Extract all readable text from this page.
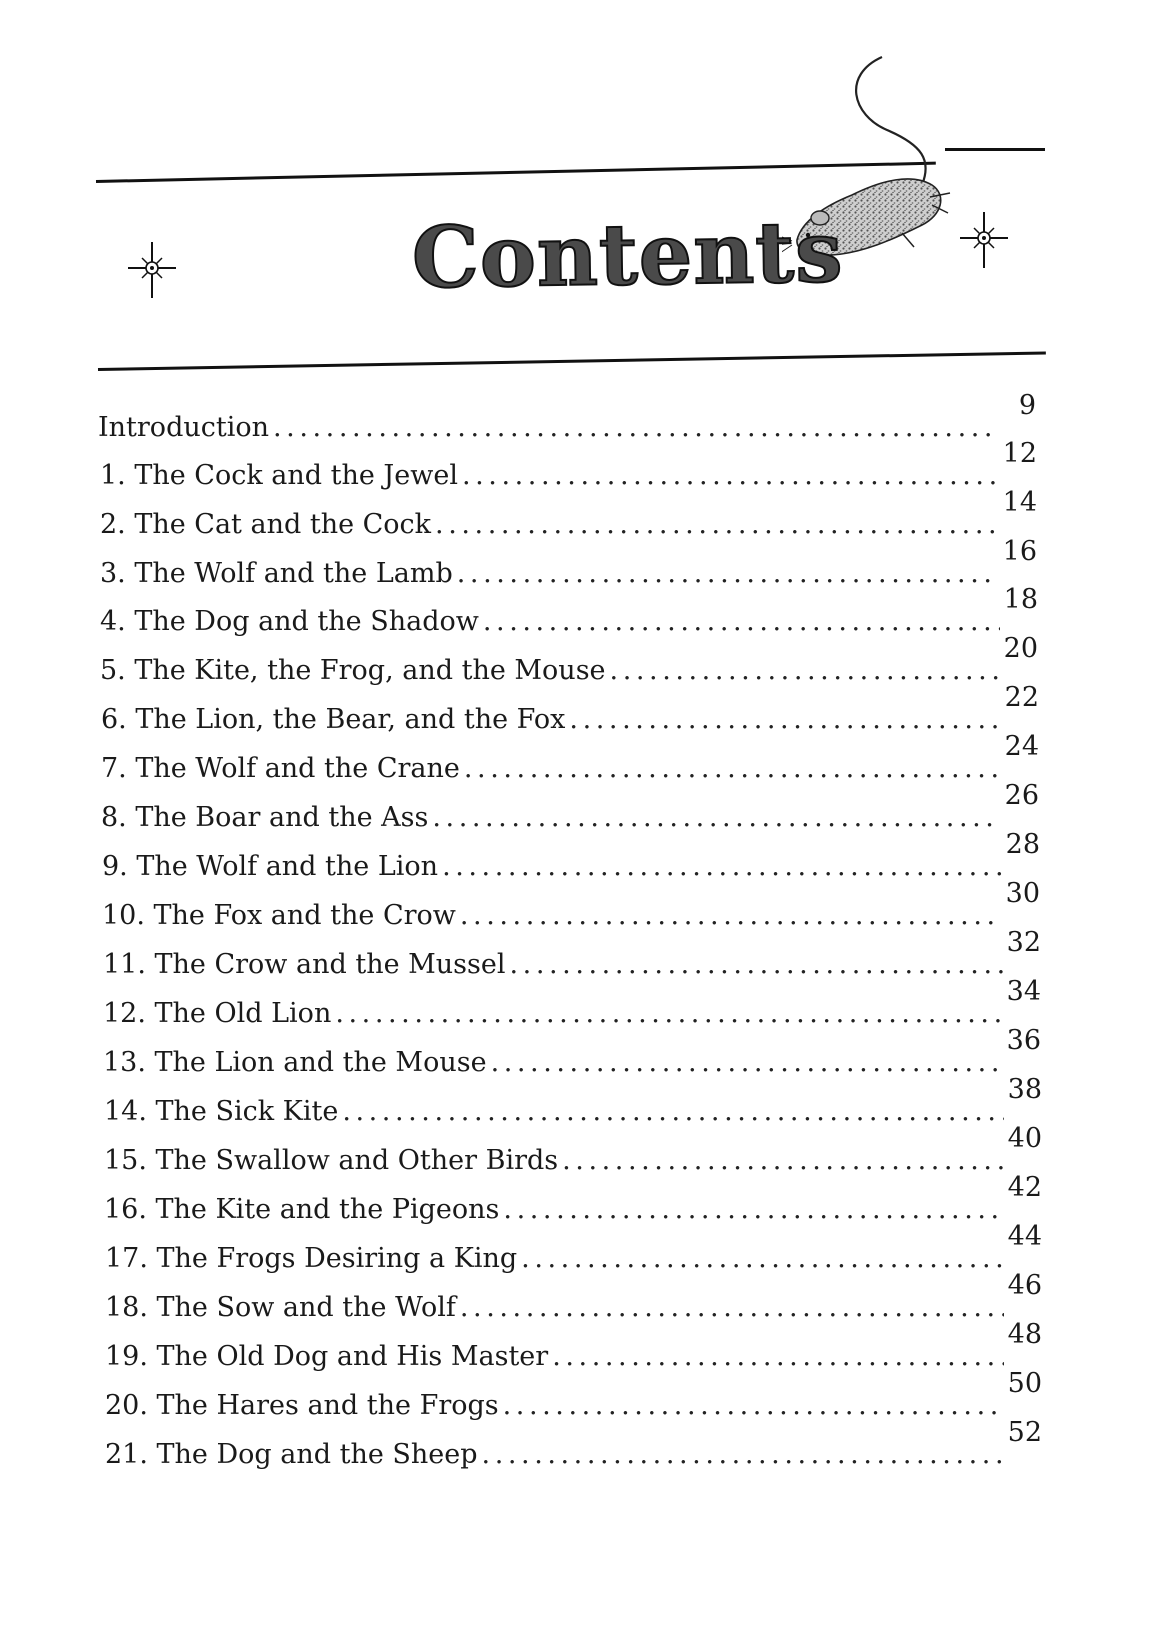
Contents
Introduction
. . .
9
1. The Cock and the Jewel
. . .
12
2. The Cat and the Cock
. . .
14
3. The Wolf and the Lamb
. . .
16
4. The Dog and the Shadow
. . .
18
5. The Kite, the Frog, and the Mouse
. . .
20
6. The Lion, the Bear, and the Fox
. . .
22
7. The Wolf and the Crane
. . .
24
8. The Boar and the Ass
. . .
26
9. The Wolf and the Lion
. . .
28
10. The Fox and the Crow
. . .
30
11. The Crow and the Mussel
. . .
32
12. The Old Lion
. . .
34
13. The Lion and the Mouse
. . .
36
14. The Sick Kite
. . .
38
15. The Swallow and Other Birds
. . .
40
16. The Kite and the Pigeons
. . .
42
17. The Frogs Desiring a King
. . .
44
18. The Sow and the Wolf
. . .
46
19. The Old Dog and His Master
. . .
48
20. The Hares and the Frogs
. . .
50
21. The Dog and the Sheep
. . .
52
